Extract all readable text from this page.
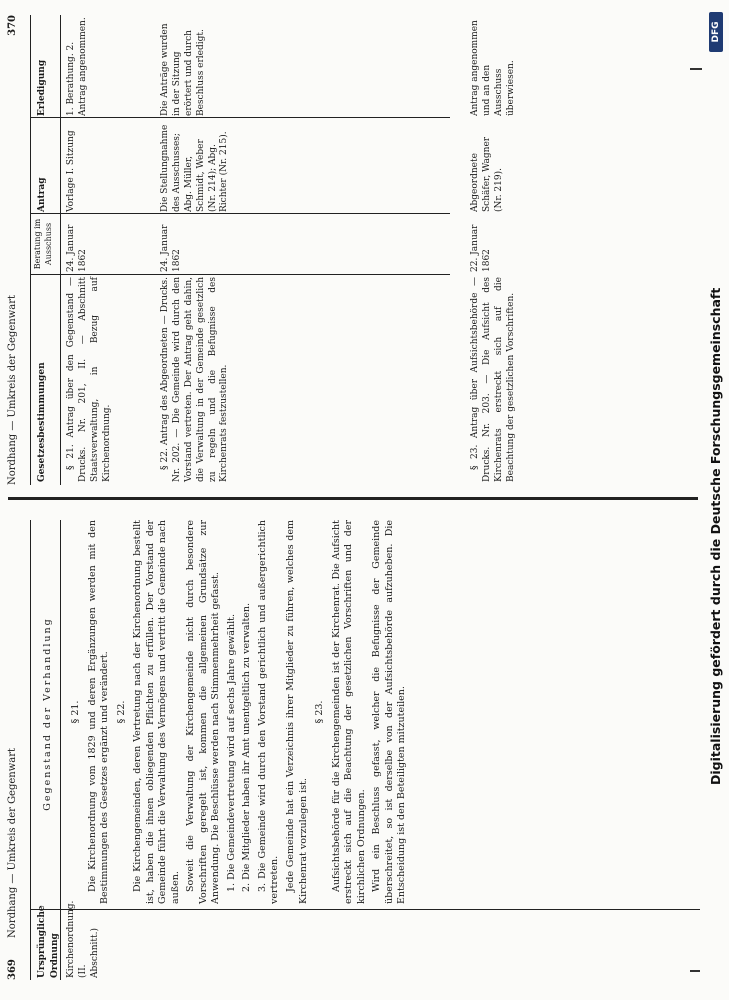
369 Nordhang — Umkreis der Gegenwart
Nordhang — Umkreis der Gegenwart
370
Ursprüngliche Ordnung Kirchenordnung. (II. Abschnitt.)
Gegenstand der Verhandlung § 21. Die Kirchenordnung vom 1829 und deren Ergänzungen werden mit den Bestimmungen des Gesetzes ergänzt und verändert. § 22. Die Kirchengemeinden, deren Vertretung nach der Kirchenordnung bestellt ist, haben die ihnen obliegenden Pflichten zu erfüllen. Der Vorstand der Gemeinde führt die Verwaltung des Vermögens und vertritt die Gemeinde nach außen. Soweit die Verwaltung der Kirchengemeinde nicht durch besondere Vorschriften geregelt ist, kommen die allgemeinen Grundsätze zur Anwendung. Die Beschlüsse werden nach Stimmenmehrheit gefasst. 1. Die Gemeindevertretung wird auf sechs Jahre gewählt. 2. Die Mitglieder haben ihr Amt unentgeltlich zu verwalten. 3. Die Gemeinde wird durch den Vorstand gerichtlich und außergerichtlich vertreten. Jede Gemeinde hat ein Verzeichnis ihrer Mitglieder zu führen, welches dem Kirchenrat vorzulegen ist.

§ 23. Aufsichtsbehörde für die Kirchengemeinden ist der Kirchenrat. Die Aufsicht erstreckt sich auf die Beachtung der gesetzlichen Vorschriften und der kirchlichen Ordnungen. Wird ein Beschluss gefasst, welcher die Befugnisse der Gemeinde überschreitet, so ist derselbe von der Aufsichtsbehörde aufzuheben. Die Entscheidung ist den Beteiligten mitzuteilen.

Gesetzesbestimmungen
Beratung im Ausschuss
Antrag
Erledigung

§ 21. Antrag über den Gegenstand — Drucks. Nr. 201, II. — Abschnitt Staatsverwaltung, in Bezug auf Kirchenordnung.

24. Januar 1862
Vorlage I. Sitzung
1. Berathung. 2. Antrag angenommen.

§ 22. Antrag des Abgeordneten — Drucks. Nr. 202. — Die Gemeinde wird durch den Vorstand vertreten. Der Antrag geht dahin, die Verwaltung in der Gemeinde gesetzlich zu regeln und die Befugnisse des Kirchenrats festzustellen.

24. Januar 1862
Die Stellungnahme des Ausschusses; Abg. Müller, Schmidt, Weber (Nr. 214); Abg. Richter (Nr. 215).
Die Anträge wurden in der Sitzung erörtert und durch Beschluss erledigt.

§ 23. Antrag über Aufsichtsbehörde — Drucks. Nr. 203. — Die Aufsicht des Kirchenrats erstreckt sich auf die Beachtung der gesetzlichen Vorschriften.

22. Januar 1862
Abgeordnete Schäfer, Wagner (Nr. 219).
Antrag angenommen und an den Ausschuss überwiesen.
Digitalisierung gefördert durch die Deutsche Forschungsgemeinschaft
DFG
